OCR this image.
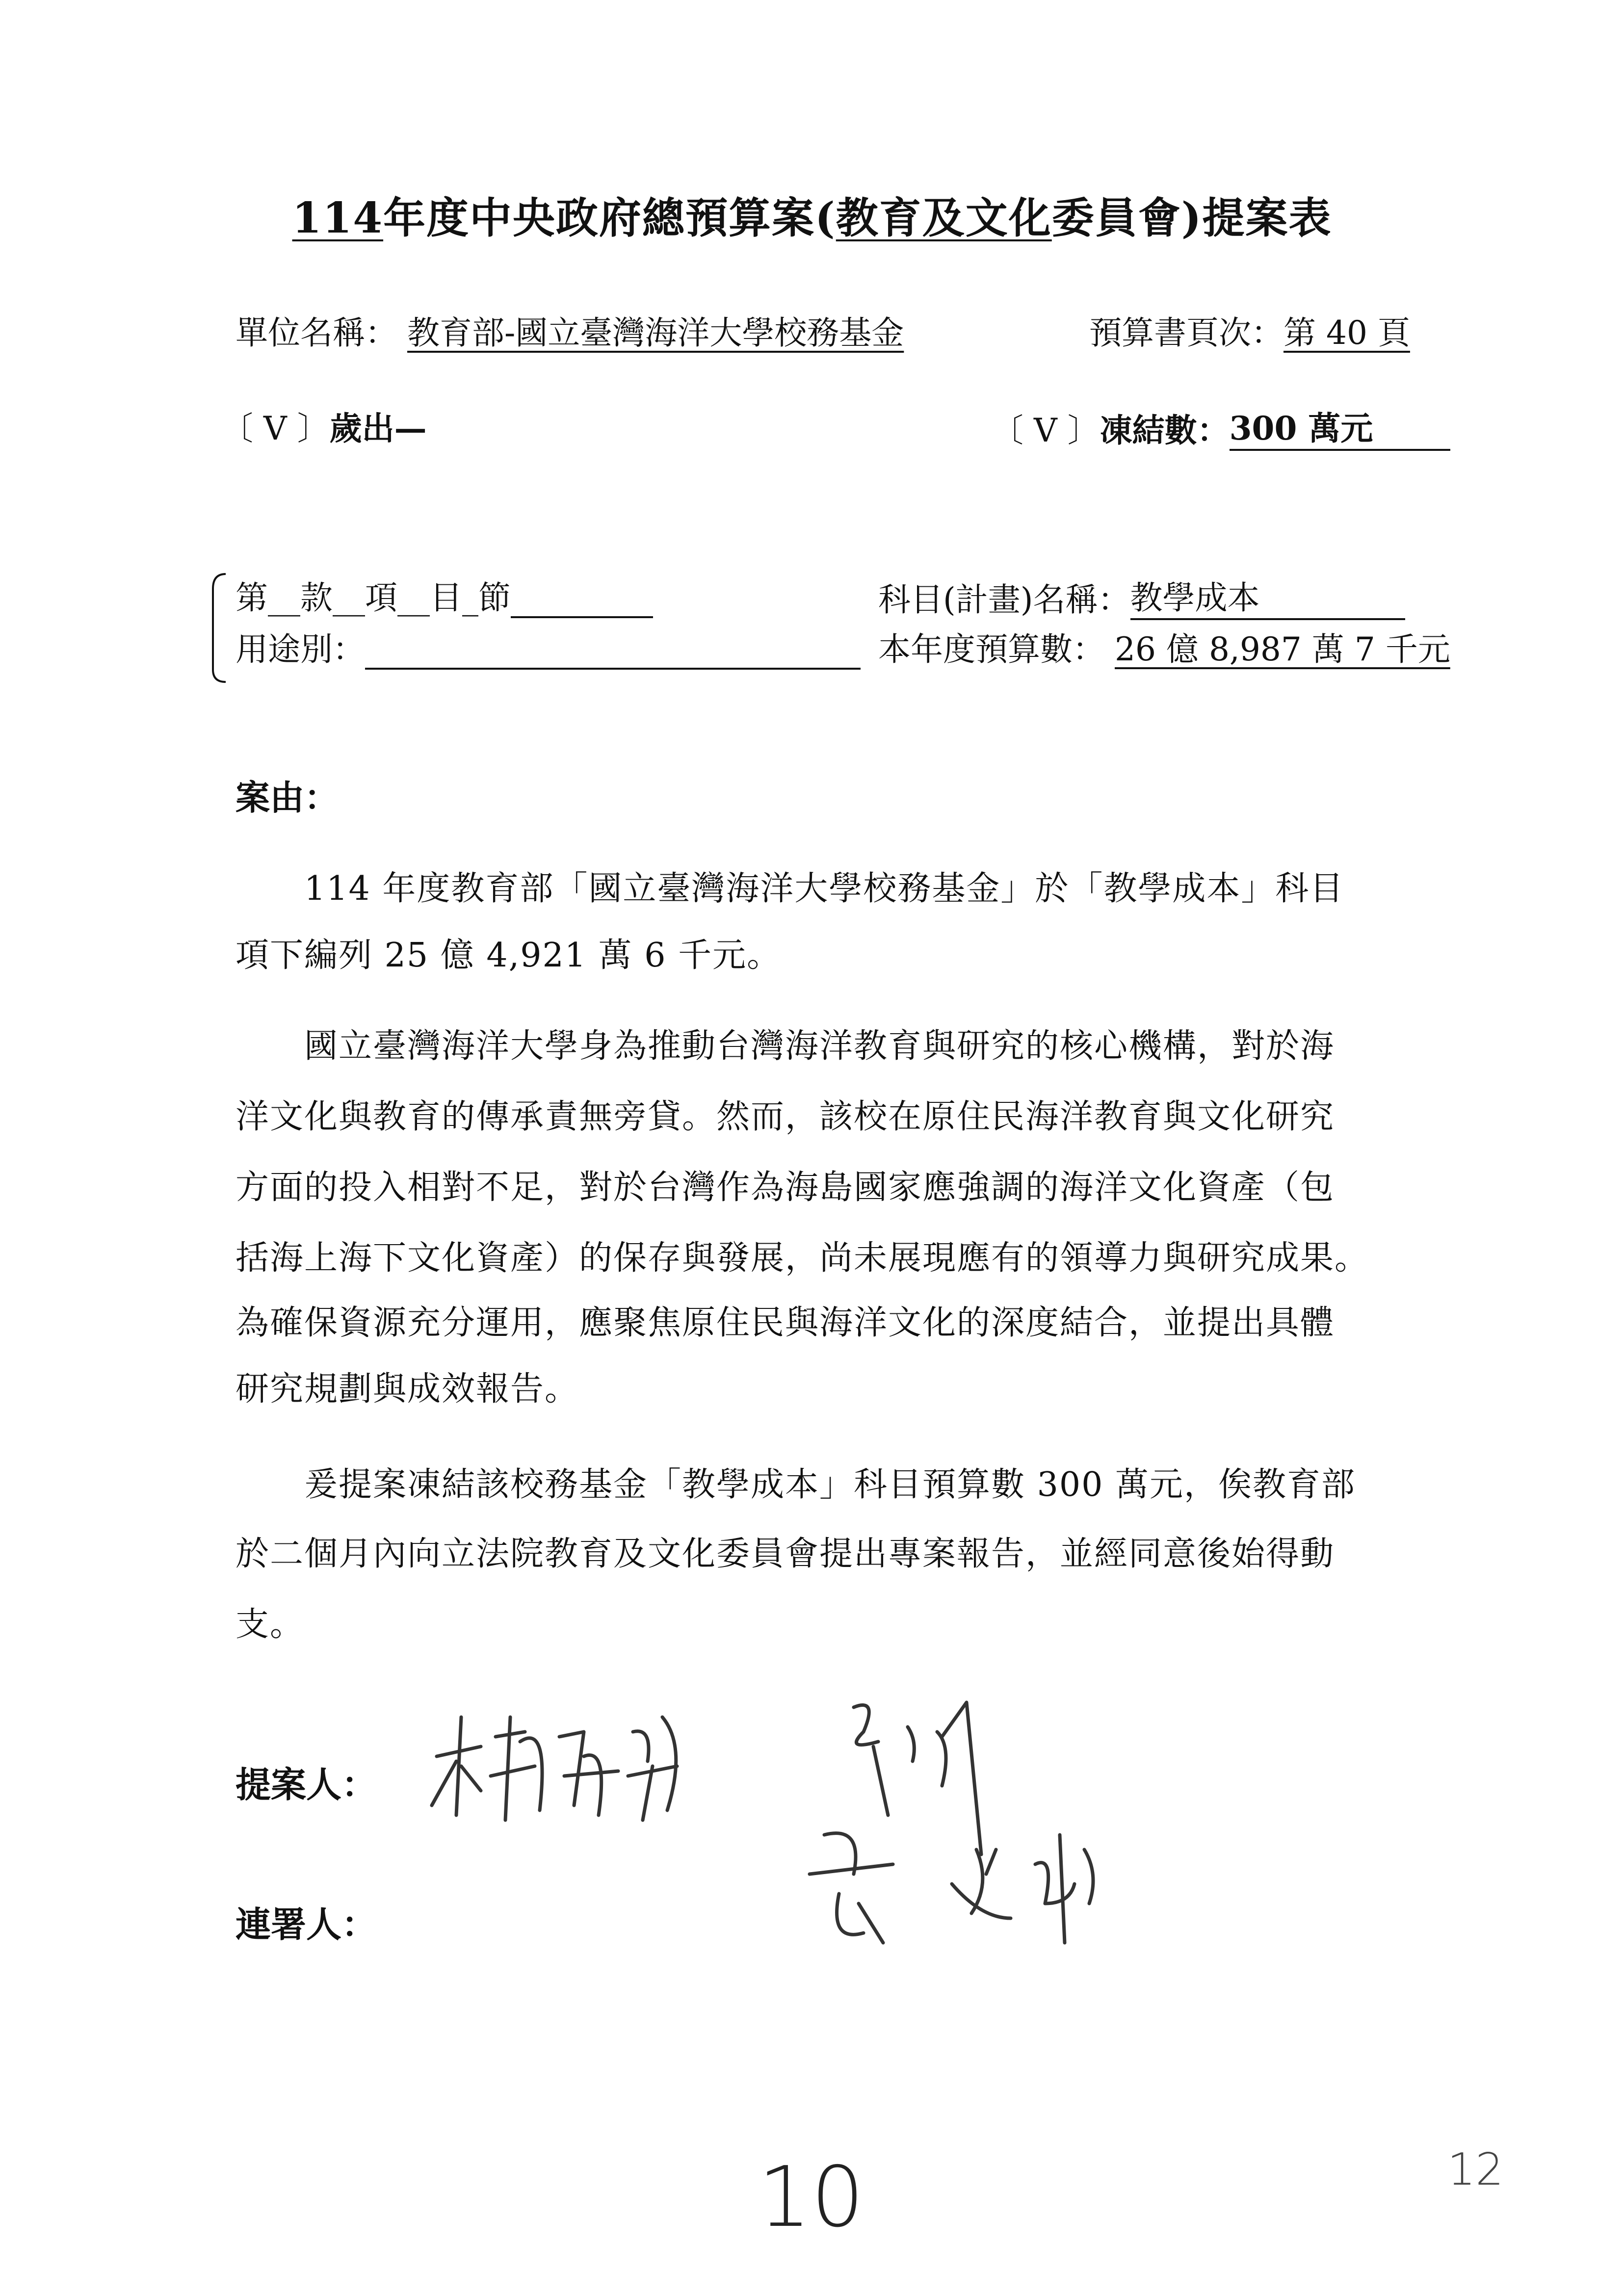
114年度中央政府總預算案(教育及文化委員會)提案表
單位名稱： 教育部-國立臺灣海洋大學校務基金	預算書頁次：第 40 頁
〔 V 〕歲出—	〔 V 〕凍結數：300 萬元
第__款__項__目_節	科目(計畫)名稱：教學成本
用途別：	本年度預算數： 26 億 8,987 萬 7 千元
案由：
　　114 年度教育部「國立臺灣海洋大學校務基金」於「教學成本」科目
項下編列 25 億 4,921 萬 6 千元。
　　國立臺灣海洋大學身為推動台灣海洋教育與研究的核心機構，對於海
洋文化與教育的傳承責無旁貸。然而，該校在原住民海洋教育與文化研究
方面的投入相對不足，對於台灣作為海島國家應強調的海洋文化資產（包
括海上海下文化資產）的保存與發展，尚未展現應有的領導力與研究成果。
為確保資源充分運用，應聚焦原住民與海洋文化的深度結合，並提出具體
研究規劃與成效報告。
　　爰提案凍結該校務基金「教學成本」科目預算數 300 萬元，俟教育部
於二個月內向立法院教育及文化委員會提出專案報告，並經同意後始得動
支。
提案人：
連署人：
10	12
